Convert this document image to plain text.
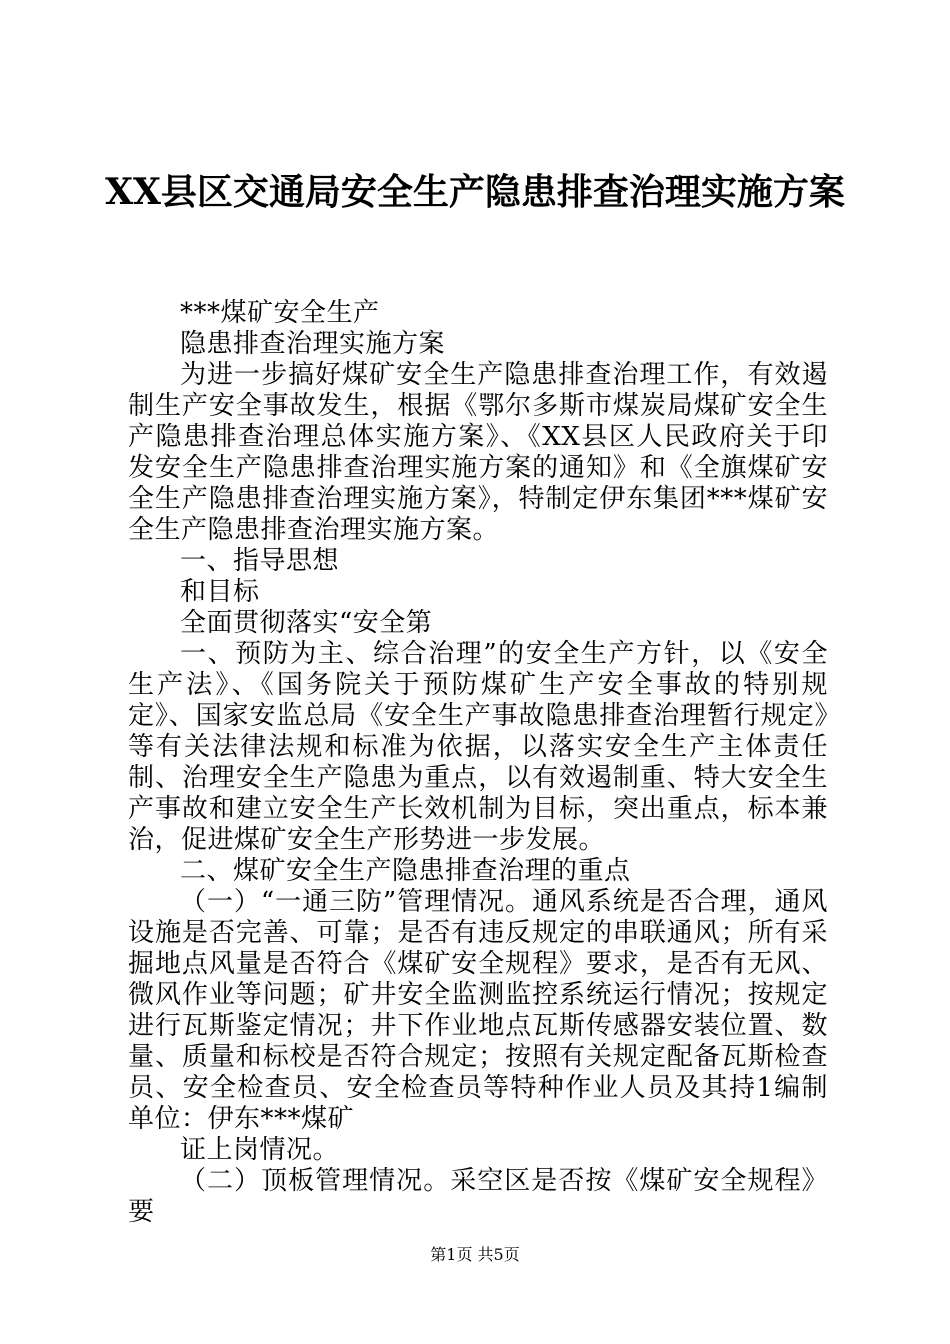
XX县区交通局安全生产隐患排查治理实施方案

***煤矿安全生产

隐患排查治理实施方案

为进一步搞好煤矿安全生产隐患排查治理工作，有效遏制生产安全事故发生，根据《鄂尔多斯市煤炭局煤矿安全生产隐患排查治理总体实施方案》、《XX县区人民政府关于印发安全生产隐患排查治理实施方案的通知》和《全旗煤矿安全生产隐患排查治理实施方案》，特制定伊东集团***煤矿安全生产隐患排查治理实施方案。

一、指导思想

和目标

全面贯彻落实“安全第

一、预防为主、综合治理”的安全生产方针，以《安全生产法》、《国务院关于预防煤矿生产安全事故的特别规定》、国家安监总局《安全生产事故隐患排查治理暂行规定》等有关法律法规和标准为依据，以落实安全生产主体责任制、治理安全生产隐患为重点，以有效遏制重、特大安全生产事故和建立安全生产长效机制为目标，突出重点，标本兼治，促进煤矿安全生产形势进一步发展。

二、煤矿安全生产隐患排查治理的重点

（一）“一通三防”管理情况。通风系统是否合理，通风设施是否完善、可靠；是否有违反规定的串联通风；所有采掘地点风量是否符合《煤矿安全规程》要求，是否有无风、微风作业等问题；矿井安全监测监控系统运行情况；按规定进行瓦斯鉴定情况；井下作业地点瓦斯传感器安装位置、数量、质量和标校是否符合规定；按照有关规定配备瓦斯检查员、安全检查员、安全检查员等特种作业人员及其持1编制单位：伊东***煤矿

证上岗情况。

（二）顶板管理情况。采空区是否按《煤矿安全规程》要

第1页 共5页
